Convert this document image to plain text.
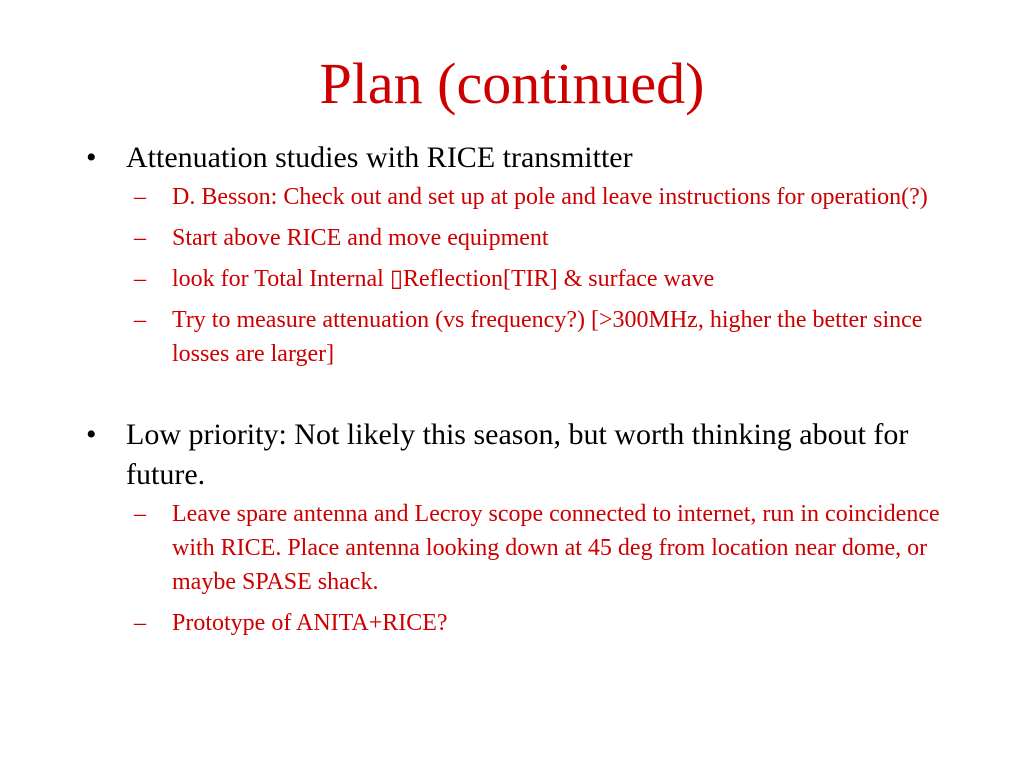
Plan (continued)
• Attenuation studies with RICE transmitter
– D. Besson: Check out and set up at pole and leave instructions for operation(?)
– Start above RICE and move equipment
– look for Total Internal ▯Reflection[TIR] & surface wave
– Try to measure attenuation (vs frequency?) [>300MHz, higher the better since losses are larger]
• Low priority: Not likely this season, but worth thinking about for future.
– Leave spare antenna and Lecroy scope connected to internet, run in coincidence with RICE. Place antenna looking down at 45 deg from location near dome, or maybe SPASE shack.
– Prototype of ANITA+RICE?
